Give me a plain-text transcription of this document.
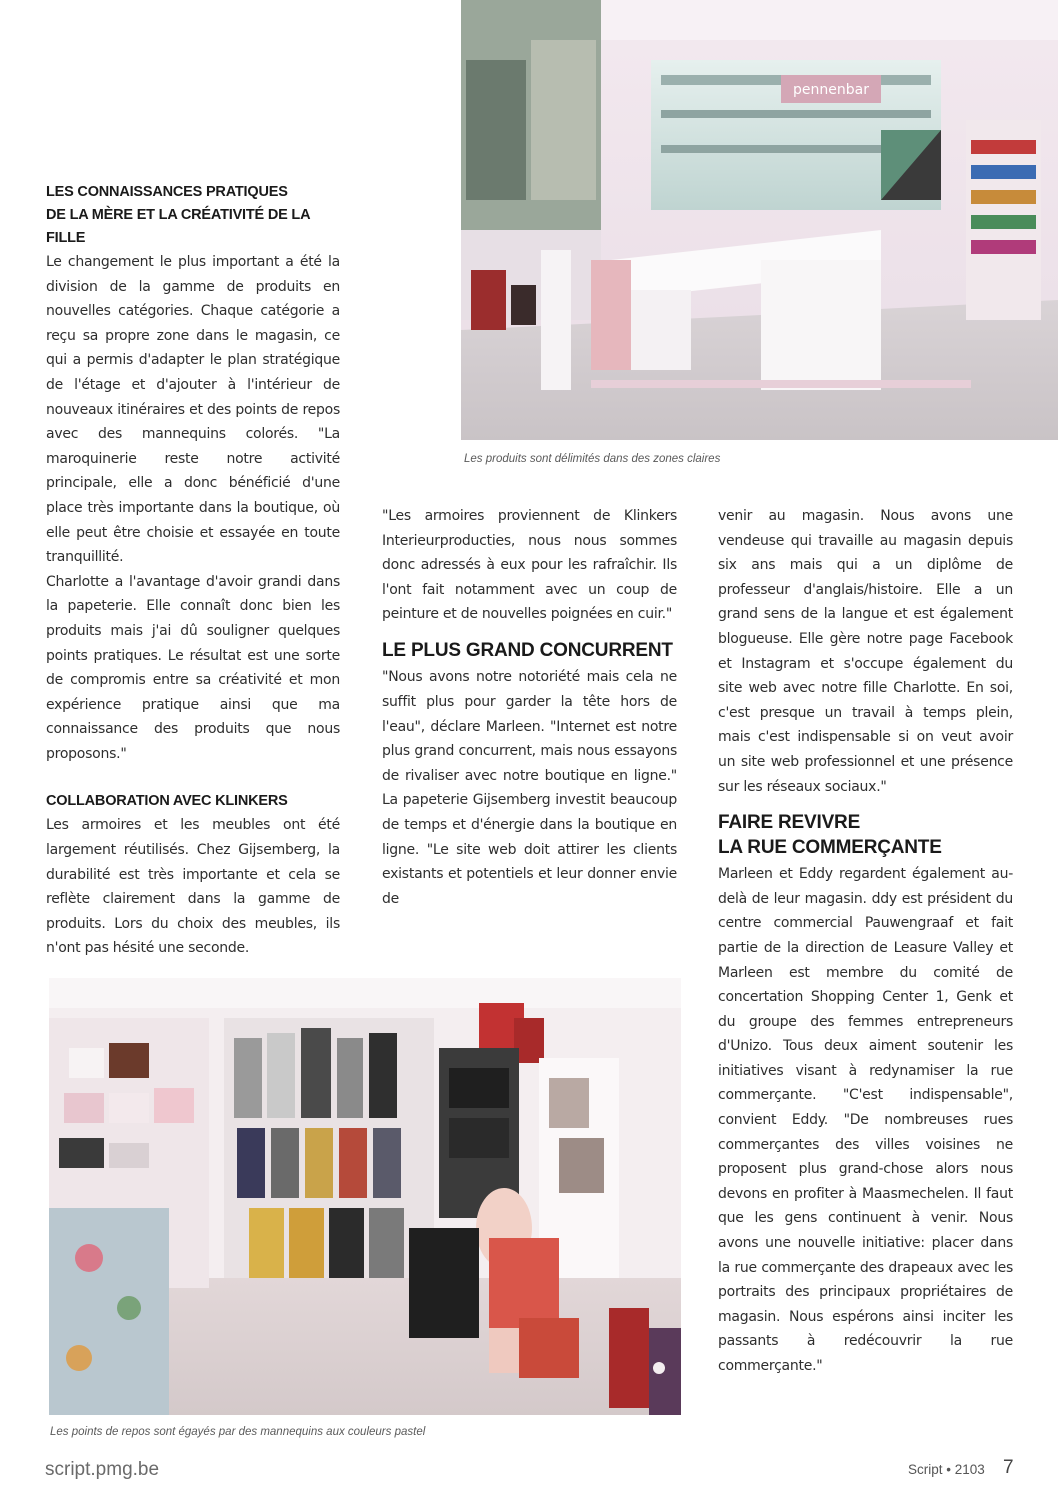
pennenbar
Les produits sont délimités dans des zones claires
LES CONNAISSANCES PRATIQUES
DE LA MÈRE ET LA CRÉATIVITÉ DE LA FILLE

Le changement le plus important a été la division de la gamme de produits en nouvelles catégories. Chaque catégorie a reçu sa propre zone dans le magasin, ce qui a permis d'adapter le plan stratégique de l'étage et d'ajouter à l'intérieur de nouveaux itinéraires et des points de repos avec des mannequins colorés. "La maroquinerie reste notre activité principale, elle a donc bénéficié d'une place très importante dans la boutique, où elle peut être choisie et essayée en toute tranquillité.

Charlotte a l'avantage d'avoir grandi dans la papeterie. Elle connaît donc bien les produits mais j'ai dû souligner quelques points pratiques. Le résultat est une sorte de compromis entre sa créativité et mon expérience pratique ainsi que ma connaissance des produits que nous proposons."

COLLABORATION AVEC KLINKERS

Les armoires et les meubles ont été largement réutilisés. Chez Gijsemberg, la durabilité est très importante et cela se reflète clairement dans la gamme de produits. Lors du choix des meubles, ils n'ont pas hésité une seconde.

"Les armoires proviennent de Klinkers Interieurproducties, nous nous sommes donc adressés à eux pour les rafraîchir. Ils l'ont fait notamment avec un coup de peinture et de nouvelles poignées en cuir."

LE PLUS GRAND CONCURRENT

"Nous avons notre notoriété mais cela ne suffit plus pour garder la tête hors de l'eau", déclare Marleen. "Internet est notre plus grand concurrent, mais nous essayons de rivaliser avec notre boutique en ligne." La papeterie Gijsemberg investit beaucoup de temps et d'énergie dans la boutique en ligne. "Le site web doit attirer les clients existants et potentiels et leur donner envie de

venir au magasin. Nous avons une vendeuse qui travaille au magasin depuis six ans mais qui a un diplôme de professeur d'anglais/histoire. Elle a un grand sens de la langue et est également blogueuse. Elle gère notre page Facebook et Instagram et s'occupe également du site web avec notre fille Charlotte. En soi, c'est presque un travail à temps plein, mais c'est indispensable si on veut avoir un site web professionnel et une présence sur les réseaux sociaux."

FAIRE REVIVRE
LA RUE COMMERÇANTE

Marleen et Eddy regardent également au-delà de leur magasin. ddy est président du centre commercial Pauwengraaf et fait partie de la direction de Leasure Valley et Marleen est membre du comité de concertation Shopping Center 1, Genk et du groupe des femmes entrepreneurs d'Unizo. Tous deux aiment soutenir les initiatives visant à redynamiser la rue commerçante. "C'est indispensable", convient Eddy. "De nombreuses rues commerçantes des villes voisines ne proposent plus grand-chose alors nous devons en profiter à Maasmechelen. Il faut que les gens continuent à venir. Nous avons une nouvelle initiative: placer dans la rue commerçante des drapeaux avec les portraits des principaux propriétaires de magasin. Nous espérons ainsi inciter les passants à redécouvrir la rue commerçante."

Les points de repos sont égayés par des mannequins aux couleurs pastel
script.pmg.be	Script • 2103 7
